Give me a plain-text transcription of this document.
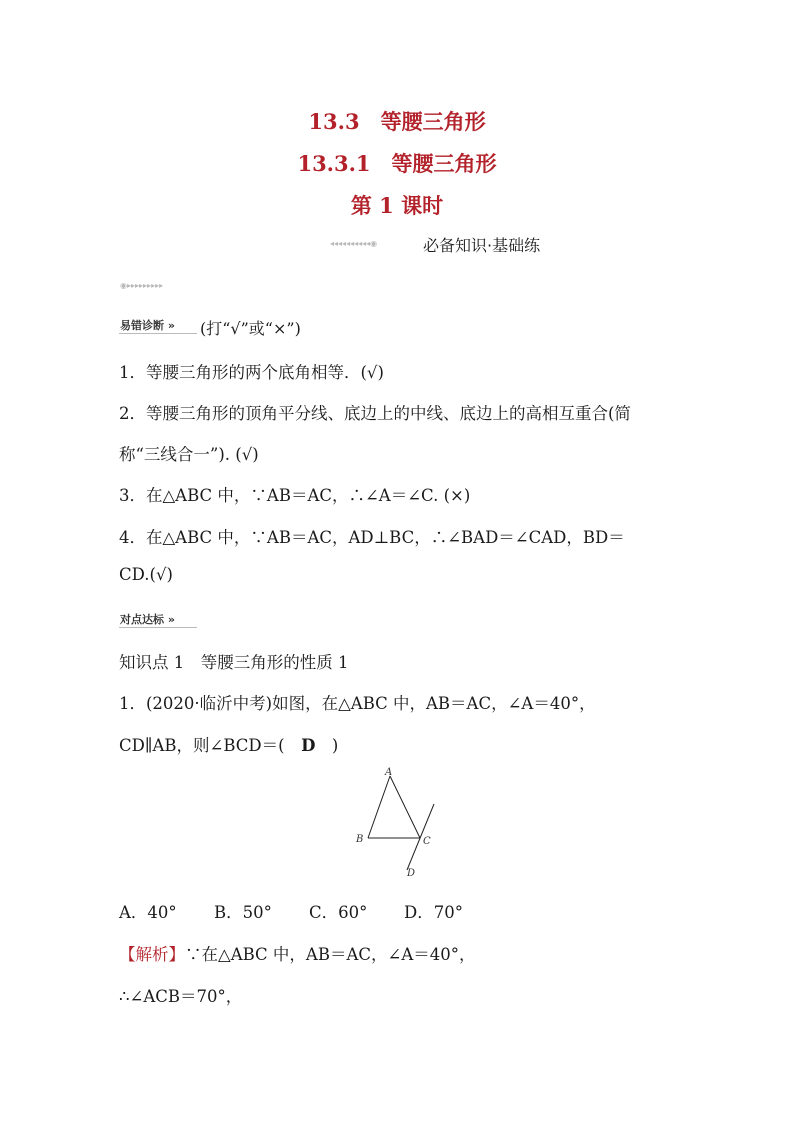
13.3　等腰三角形
13.3.1　等腰三角形
第 1 课时
◂◂◂◂◂◂◂◂◂◂◉	必备知识·基础练
◉▸▸▸▸▸▸▸▸▸
易错诊断 » (打“√”或“×”)
1．等腰三角形的两个底角相等．(√)
2．等腰三角形的顶角平分线、底边上的中线、底边上的高相互重合(简
称“三线合一”). (√)
3．在△ABC 中，∵AB＝AC，∴∠A＝∠C. (×)
4．在△ABC 中，∵AB＝AC，AD⊥BC，∴∠BAD＝∠CAD，BD＝
CD.(√)
对点达标 »
知识点 1　等腰三角形的性质 1
1．(2020·临沂中考)如图，在△ABC 中，AB＝AC，∠A＝40°，
CD∥AB，则∠BCD＝(　D　)
A
B	C
D
A．40° B．50° C．60° D．70°
【解析】∵在△ABC 中，AB＝AC，∠A＝40°，
∴∠ACB＝70°，
